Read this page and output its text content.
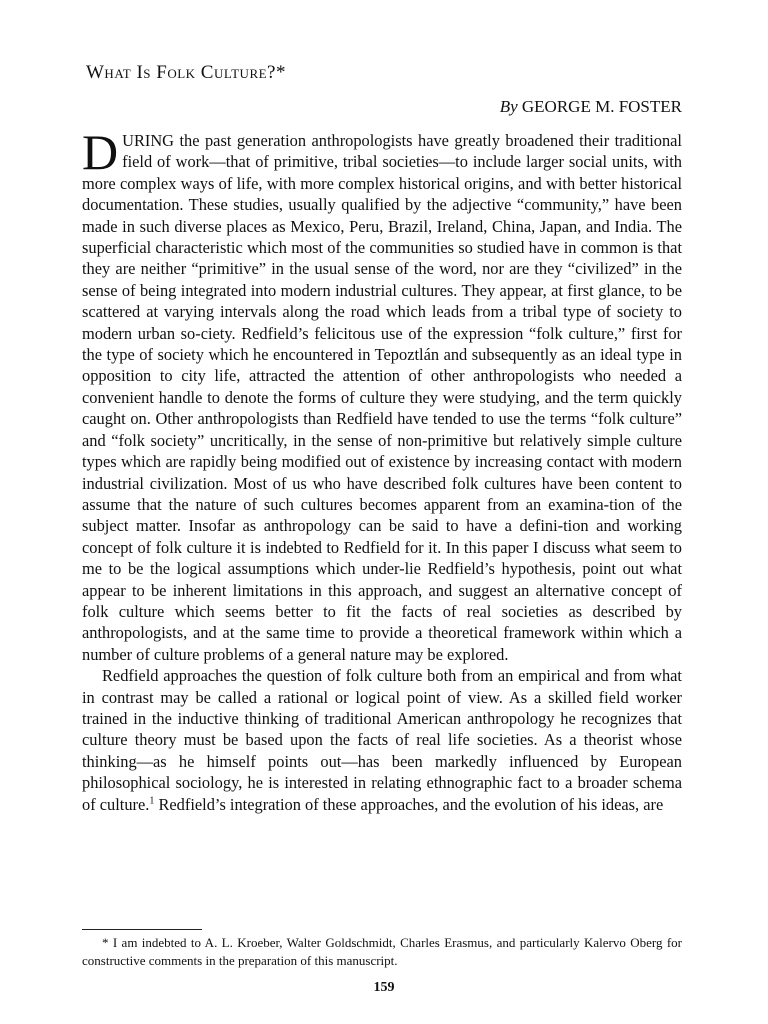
What Is Folk Culture?*
By GEORGE M. FOSTER

DURING the past generation anthropologists have greatly broadened their traditional field of work—that of primitive, tribal societies—to include larger social units, with more complex ways of life, with more complex historical origins, and with better historical documentation. These studies, usually qualified by the adjective “community,” have been made in such diverse places as Mexico, Peru, Brazil, Ireland, China, Japan, and India. The superficial characteristic which most of the communities so studied have in common is that they are neither “primitive” in the usual sense of the word, nor are they “civilized” in the sense of being integrated into modern industrial cultures. They appear, at first glance, to be scattered at varying intervals along the road which leads from a tribal type of society to modern urban so-ciety. Redfield’s felicitous use of the expression “folk culture,” first for the type of society which he encountered in Tepoztlán and subsequently as an ideal type in opposition to city life, attracted the attention of other anthropologists who needed a convenient handle to denote the forms of culture they were studying, and the term quickly caught on. Other anthropologists than Redfield have tended to use the terms “folk culture” and “folk society” uncritically, in the sense of non-primitive but relatively simple culture types which are rapidly being modified out of existence by increasing contact with modern industrial civilization. Most of us who have described folk cultures have been content to assume that the nature of such cultures becomes apparent from an examina-tion of the subject matter. Insofar as anthropology can be said to have a defini-tion and working concept of folk culture it is indebted to Redfield for it. In this paper I discuss what seem to me to be the logical assumptions which under-lie Redfield’s hypothesis, point out what appear to be inherent limitations in this approach, and suggest an alternative concept of folk culture which seems better to fit the facts of real societies as described by anthropologists, and at the same time to provide a theoretical framework within which a number of culture problems of a general nature may be explored.

Redfield approaches the question of folk culture both from an empirical and from what in contrast may be called a rational or logical point of view. As a skilled field worker trained in the inductive thinking of traditional American anthropology he recognizes that culture theory must be based upon the facts of real life societies. As a theorist whose thinking—as he himself points out—has been markedly influenced by European philosophical sociology, he is interested in relating ethnographic fact to a broader schema of culture.$^1$ Redfield’s integration of these approaches, and the evolution of his ideas, are

* I am indebted to A. L. Kroeber, Walter Goldschmidt, Charles Erasmus, and particularly Kalervo Oberg for constructive comments in the preparation of this manuscript.

159
